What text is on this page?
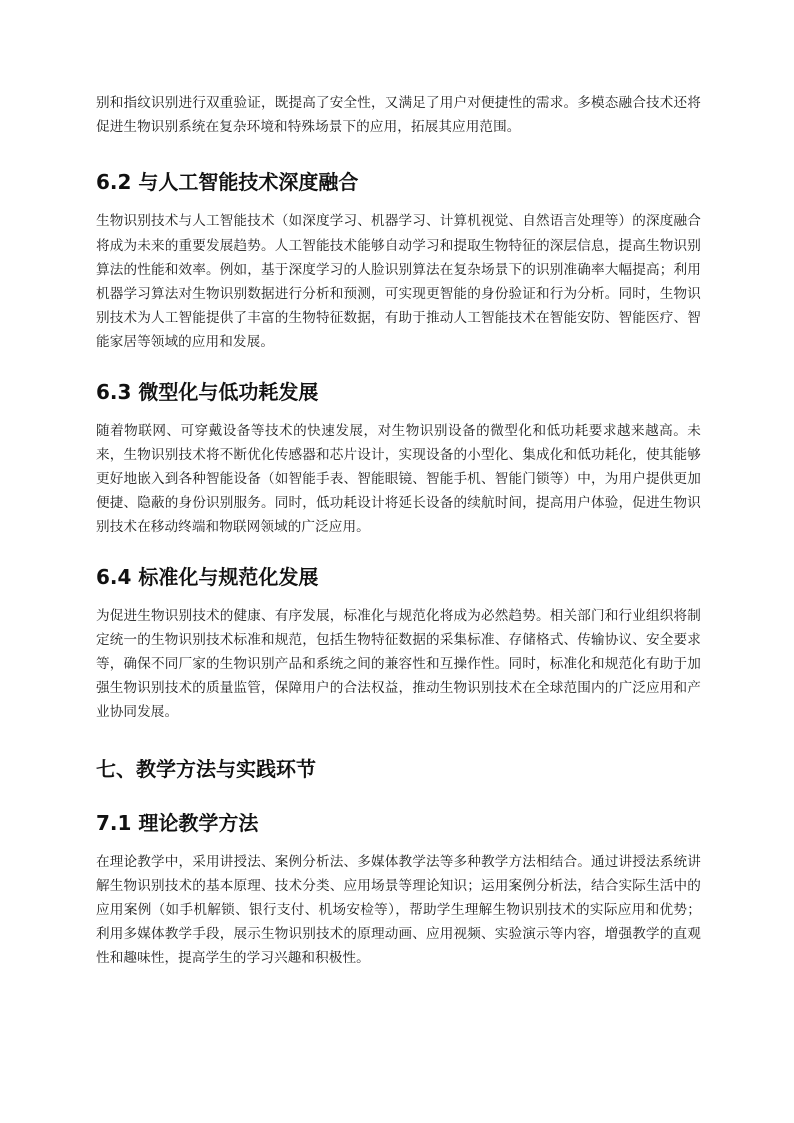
别和指纹识别进行双重验证，既提高了安全性，又满足了用户对便捷性的需求。多模态融合技术还将促进生物识别系统在复杂环境和特殊场景下的应用，拓展其应用范围。

6.2 与人工智能技术深度融合

生物识别技术与人工智能技术（如深度学习、机器学习、计算机视觉、自然语言处理等）的深度融合将成为未来的重要发展趋势。人工智能技术能够自动学习和提取生物特征的深层信息，提高生物识别算法的性能和效率。例如，基于深度学习的人脸识别算法在复杂场景下的识别准确率大幅提高；利用机器学习算法对生物识别数据进行分析和预测，可实现更智能的身份验证和行为分析。同时，生物识别技术为人工智能提供了丰富的生物特征数据，有助于推动人工智能技术在智能安防、智能医疗、智能家居等领域的应用和发展。

6.3 微型化与低功耗发展

随着物联网、可穿戴设备等技术的快速发展，对生物识别设备的微型化和低功耗要求越来越高。未来，生物识别技术将不断优化传感器和芯片设计，实现设备的小型化、集成化和低功耗化，使其能够更好地嵌入到各种智能设备（如智能手表、智能眼镜、智能手机、智能门锁等）中，为用户提供更加便捷、隐蔽的身份识别服务。同时，低功耗设计将延长设备的续航时间，提高用户体验，促进生物识别技术在移动终端和物联网领域的广泛应用。

6.4 标准化与规范化发展

为促进生物识别技术的健康、有序发展，标准化与规范化将成为必然趋势。相关部门和行业组织将制定统一的生物识别技术标准和规范，包括生物特征数据的采集标准、存储格式、传输协议、安全要求等，确保不同厂家的生物识别产品和系统之间的兼容性和互操作性。同时，标准化和规范化有助于加强生物识别技术的质量监管，保障用户的合法权益，推动生物识别技术在全球范围内的广泛应用和产业协同发展。

七、教学方法与实践环节
7.1 理论教学方法

在理论教学中，采用讲授法、案例分析法、多媒体教学法等多种教学方法相结合。通过讲授法系统讲解生物识别技术的基本原理、技术分类、应用场景等理论知识；运用案例分析法，结合实际生活中的应用案例（如手机解锁、银行支付、机场安检等），帮助学生理解生物识别技术的实际应用和优势；利用多媒体教学手段，展示生物识别技术的原理动画、应用视频、实验演示等内容，增强教学的直观性和趣味性，提高学生的学习兴趣和积极性。
